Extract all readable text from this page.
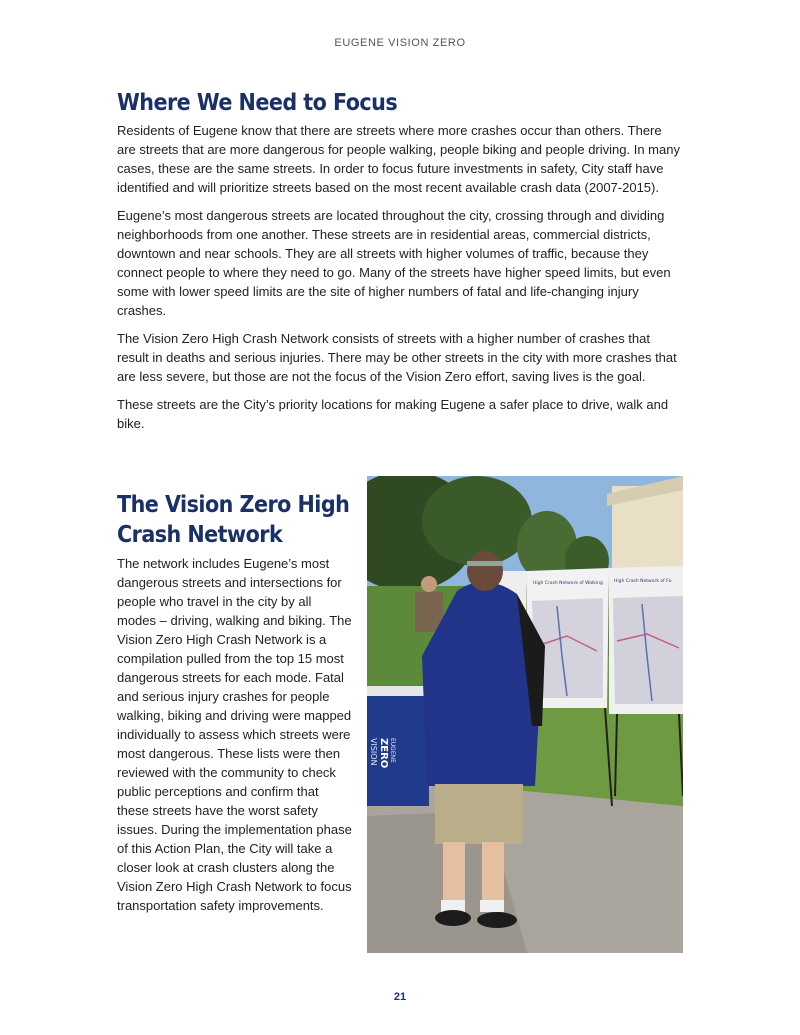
EUGENE VISION ZERO
Where We Need to Focus

Residents of Eugene know that there are streets where more crashes occur than others. There are streets that are more dangerous for people walking, people biking and people driving. In many cases, these are the same streets. In order to focus future investments in safety, City staff have identified and will prioritize streets based on the most recent available crash data (2007-2015).

Eugene’s most dangerous streets are located throughout the city, crossing through and dividing neighborhoods from one another. These streets are in residential areas, commercial districts, downtown and near schools. They are all streets with higher volumes of traffic, because they connect people to where they need to go. Many of the streets have higher speed limits, but even some with lower speed limits are the site of higher numbers of fatal and life-changing injury crashes.

The Vision Zero High Crash Network consists of streets with a higher number of crashes that result in deaths and serious injuries. There may be other streets in the city with more crashes that are less severe, but those are not the focus of the Vision Zero effort, saving lives is the goal.

These streets are the City’s priority locations for making Eugene a safer place to drive, walk and bike.

VISION ZERO EUGENE
High Crash Network of Walking High Crash Network of Fo
The Vision Zero High
Crash Network

The network includes Eugene’s most dangerous streets and intersections for people who travel in the city by all modes – driving, walking and biking. The Vision Zero High Crash Network is a compilation pulled from the top 15 most dangerous streets for each mode. Fatal and serious injury crashes for people walking, biking and driving were mapped individually to assess which streets were most dangerous. These lists were then reviewed with the community to check public perceptions and confirm that these streets have the worst safety issues. During the implementation phase of this Action Plan, the City will take a closer look at crash clusters along the Vision Zero High Crash Network to focus transportation safety improvements.

21
